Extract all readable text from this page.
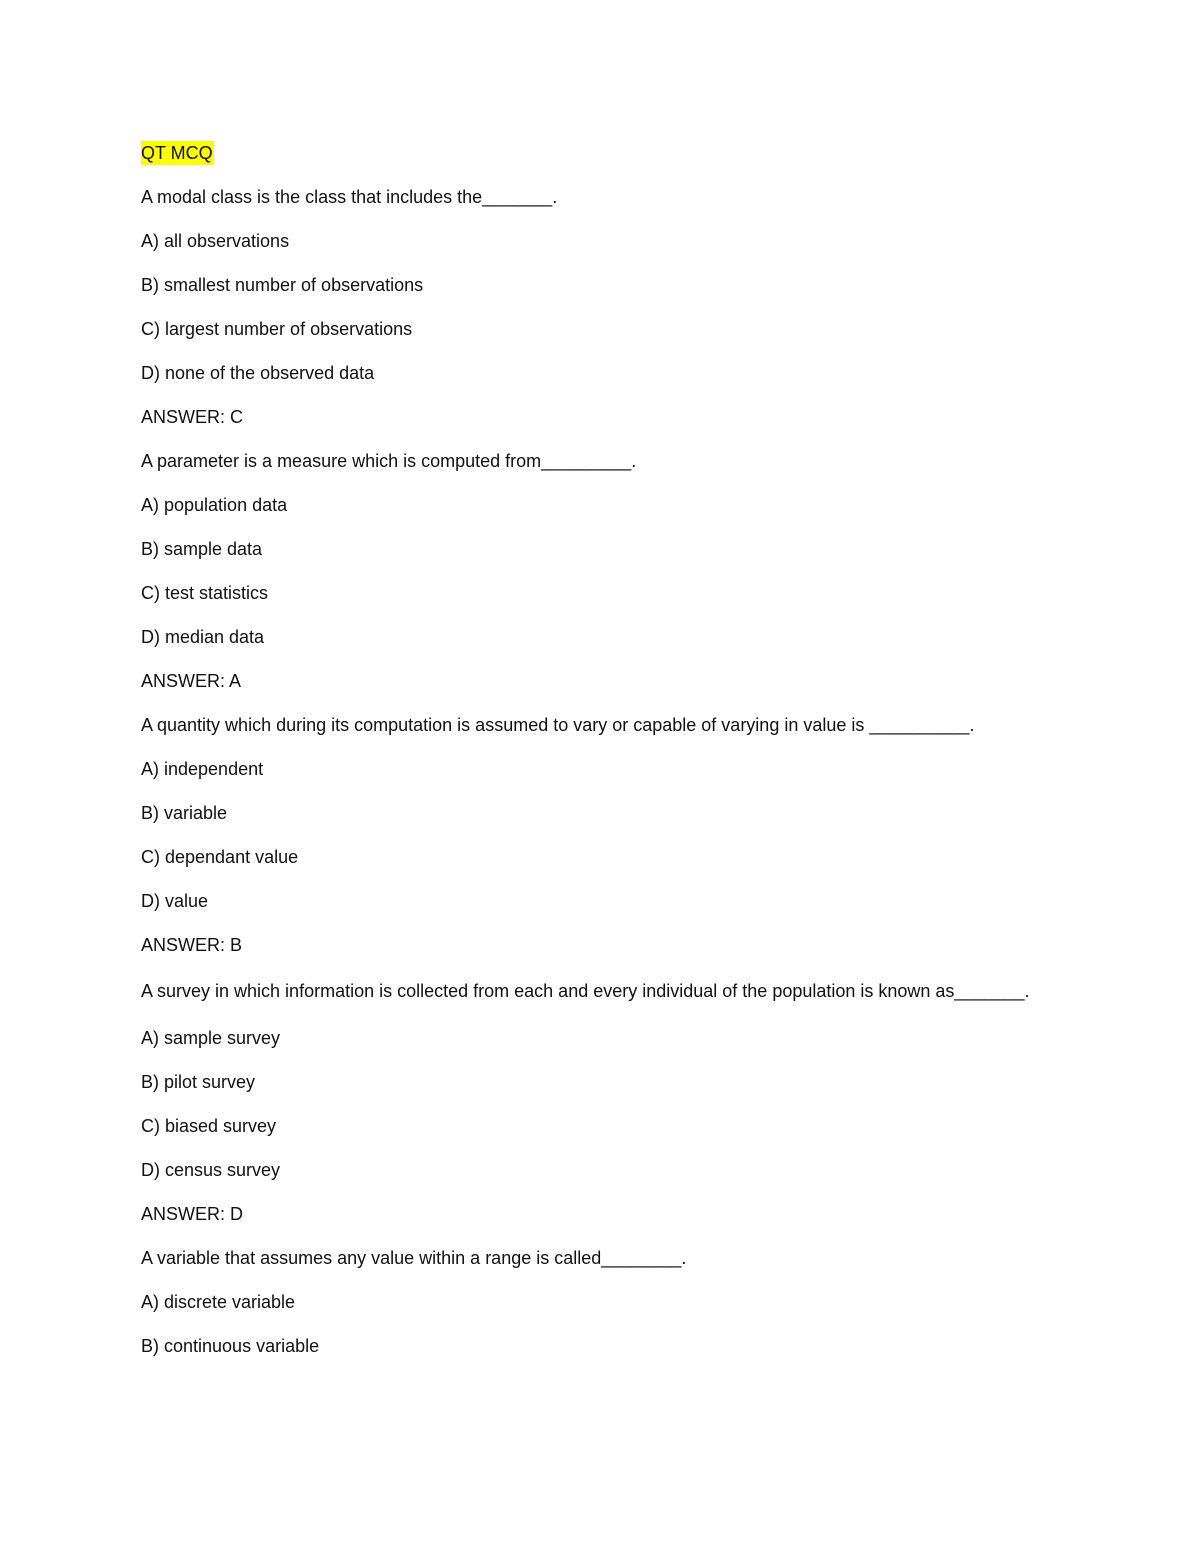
QT MCQ

A modal class is the class that includes the_______.

A) all observations

B) smallest number of observations

C) largest number of observations

D) none of the observed data

ANSWER: C

A parameter is a measure which is computed from_________.

A) population data

B) sample data

C) test statistics

D) median data

ANSWER: A

A quantity which during its computation is assumed to vary or capable of varying in value is __________.

A) independent

B) variable

C) dependant value

D) value

ANSWER: B

A survey in which information is collected from each and every individual of the population is known as_______.

A) sample survey

B) pilot survey

C) biased survey

D) census survey

ANSWER: D

A variable that assumes any value within a range is called________.

A) discrete variable

B) continuous variable
